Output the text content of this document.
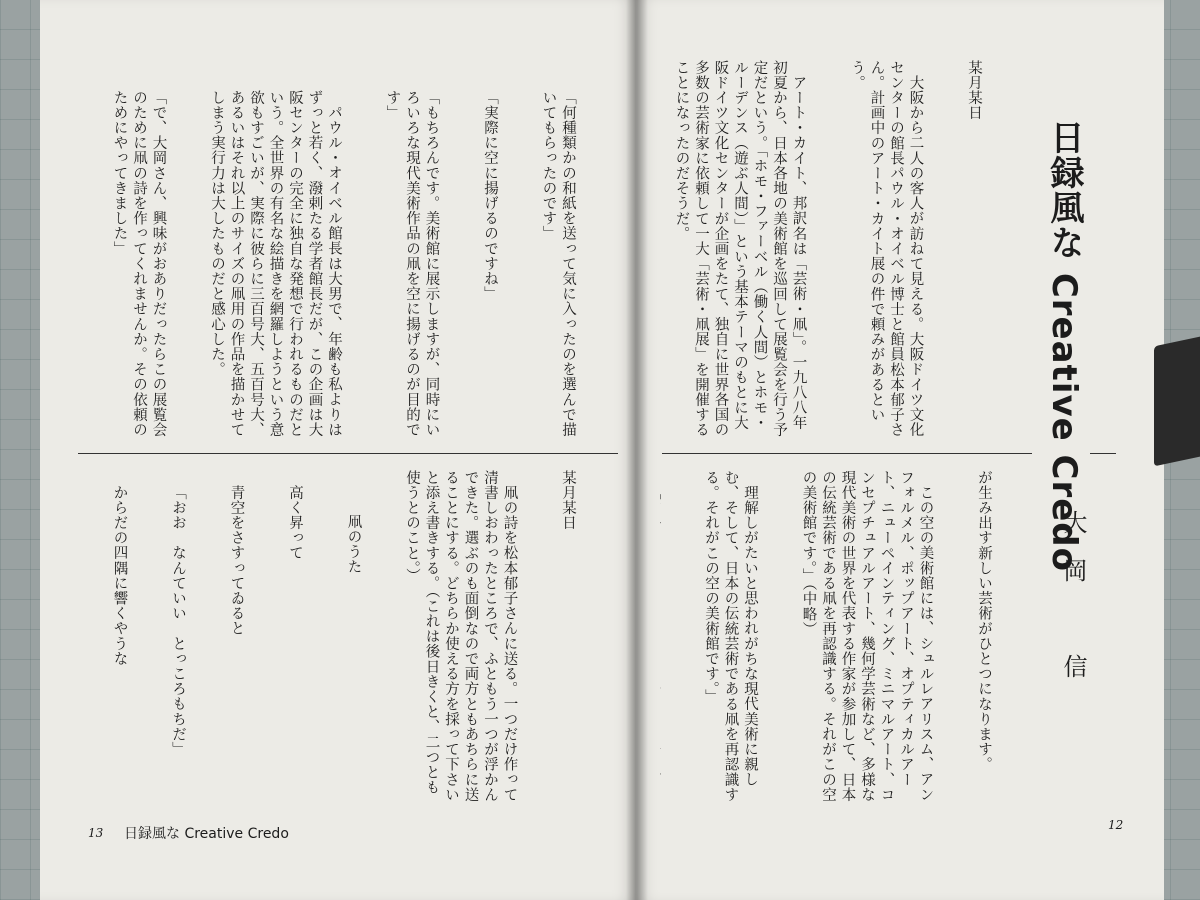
日録風な Creative Credo
大岡　信

某月某日

大阪から二人の客人が訪ねて見える。大阪ドイツ文化センターの館長パウル・オイベル博士と館員松本郁子さん。計画中のアート・カイト展の件で頼みがあるという。

アート・カイト、邦訳名は「芸術・凧」。一九八八年初夏から、日本各地の美術館を巡回して展覧会を行う予定だという。「ホモ・ファーベル（働く人間）とホモ・ルーデンス（遊ぶ人間）」という基本テーマのもとに大阪ドイツ文化センターが企画をたて、独自に世界各国の多数の芸術家に依頼して一大「芸術・凧展」を開催することになったのだそうだ。

が生み出す新しい芸術がひとつになります。

この空の美術館には、シュルレアリスム、アンフォルメル、ポップアート、オプティカルアート、ニューペインティング、ミニマルアート、コンセプチュアルアート、幾何学芸術など、多様な現代美術の世界を代表する作家が参加して、日本の伝統芸術である凧を再認識する。それがこの空の美術館です。」（中略）

理解しがたいと思われがちな現代美術に親しむ、そして、日本の伝統芸術である凧を再認識する。それがこの空の美術館です。」

「何種類かの和紙を送って気に入ったのを選んで描いてもらったのです」

「実際に空に揚げるのですね」

「もちろんです。美術館に展示しますが、同時にいろいろな現代美術作品の凧を空に揚げるのが目的です」

パウル・オイベル館長は大男で、年齢も私よりはずっと若く、潑剌たる学者館長だが、この企画は大阪センターの完全に独自な発想で行われるものだという。全世界の有名な絵描きを網羅しようという意欲もすごいが、実際に彼らに三百号大、五百号大、あるいはそれ以上のサイズの凧用の作品を描かせてしまう実行力は大したものだと感心した。

「で、大岡さん、興味がおありだったらこの展覧会のために凧の詩を作ってくれませんか。その依頼のためにやってきました」

某月某日

凧の詩を松本郁子さんに送る。一つだけ作って清書しおわったところで、ふともう一つが浮かんできた。選ぶのも面倒なので両方ともあちらに送ることにする。どちらか使える方を採って下さいと添え書きする。（これは後日きくと、二つとも使うとのこと。）

凧のうた

高く昇って

青空をさすってゐると

「おお　なんていい　とっころもちだ」

からだの四隅に響くやうな

13 日録風な Creative Credo
12
